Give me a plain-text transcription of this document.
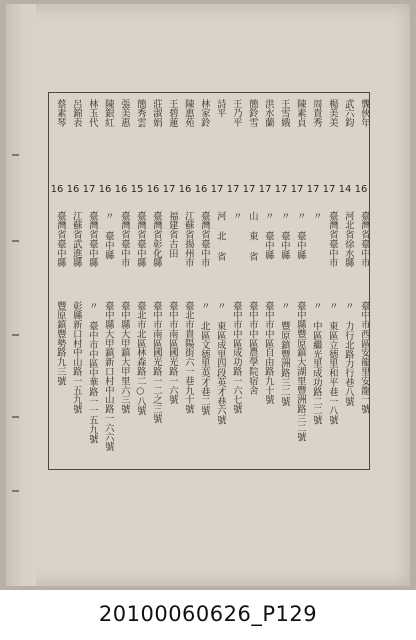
龔俠年
16
臺灣省臺中市
臺中市西區安龍里安龍一號
武六鈞
14
河北省徐水縣
〃 力行北路力行巷八號
楊美美
17
臺灣省臺中市
〃 東區立德里和平巷一八號
周貴秀
17
〃
〃 中區繼光里成功路二二號
陳素貞
17
〃 臺中縣
臺中縣豐原鎮大湖里豐洲路三二號
王雪娥
17
〃 臺中縣
〃 豐原鎮豐洲路三二號
洪水蘭
17
〃 臺中縣
臺中市中區自由路九十號
簡鈴雪
17
山 東 省
臺中市中區農學院宿舍
王乃平
17
〃
臺中市中區成功路一六七號
詩平
17
河 北 省
〃 東區成里四段英才巷六號
林家鈴
16
臺灣省臺中市
〃 北區文德里英才巷二號
陳惠苑
16
江蘇省揚州市
臺北市貴陽街六一巷九十號
王碧蓮
17
福建省古田
臺中市南區國光路一六號
莊淑娟
16
臺灣省彰化縣
臺中市南區國光路一二之三號
簡秀雲
15
臺灣省臺中縣
臺北市北區林森路二○八號
張美惠
16
臺灣省臺中市
臺中縣大甲鎮大甲里六三號
陳銀紅
16
〃 臺中縣
臺中縣大甲鎮新口村中山路一六六號
林玉代
17
臺灣省臺中縣
〃 臺中市中區中華路一一五九號
呂錦表
16
江蘇省武進縣
彰縣新口村中山路一五九號
蔡素琴
16
臺灣省臺中縣
豐原鎮豐勢路九三號
20100060626_P129
